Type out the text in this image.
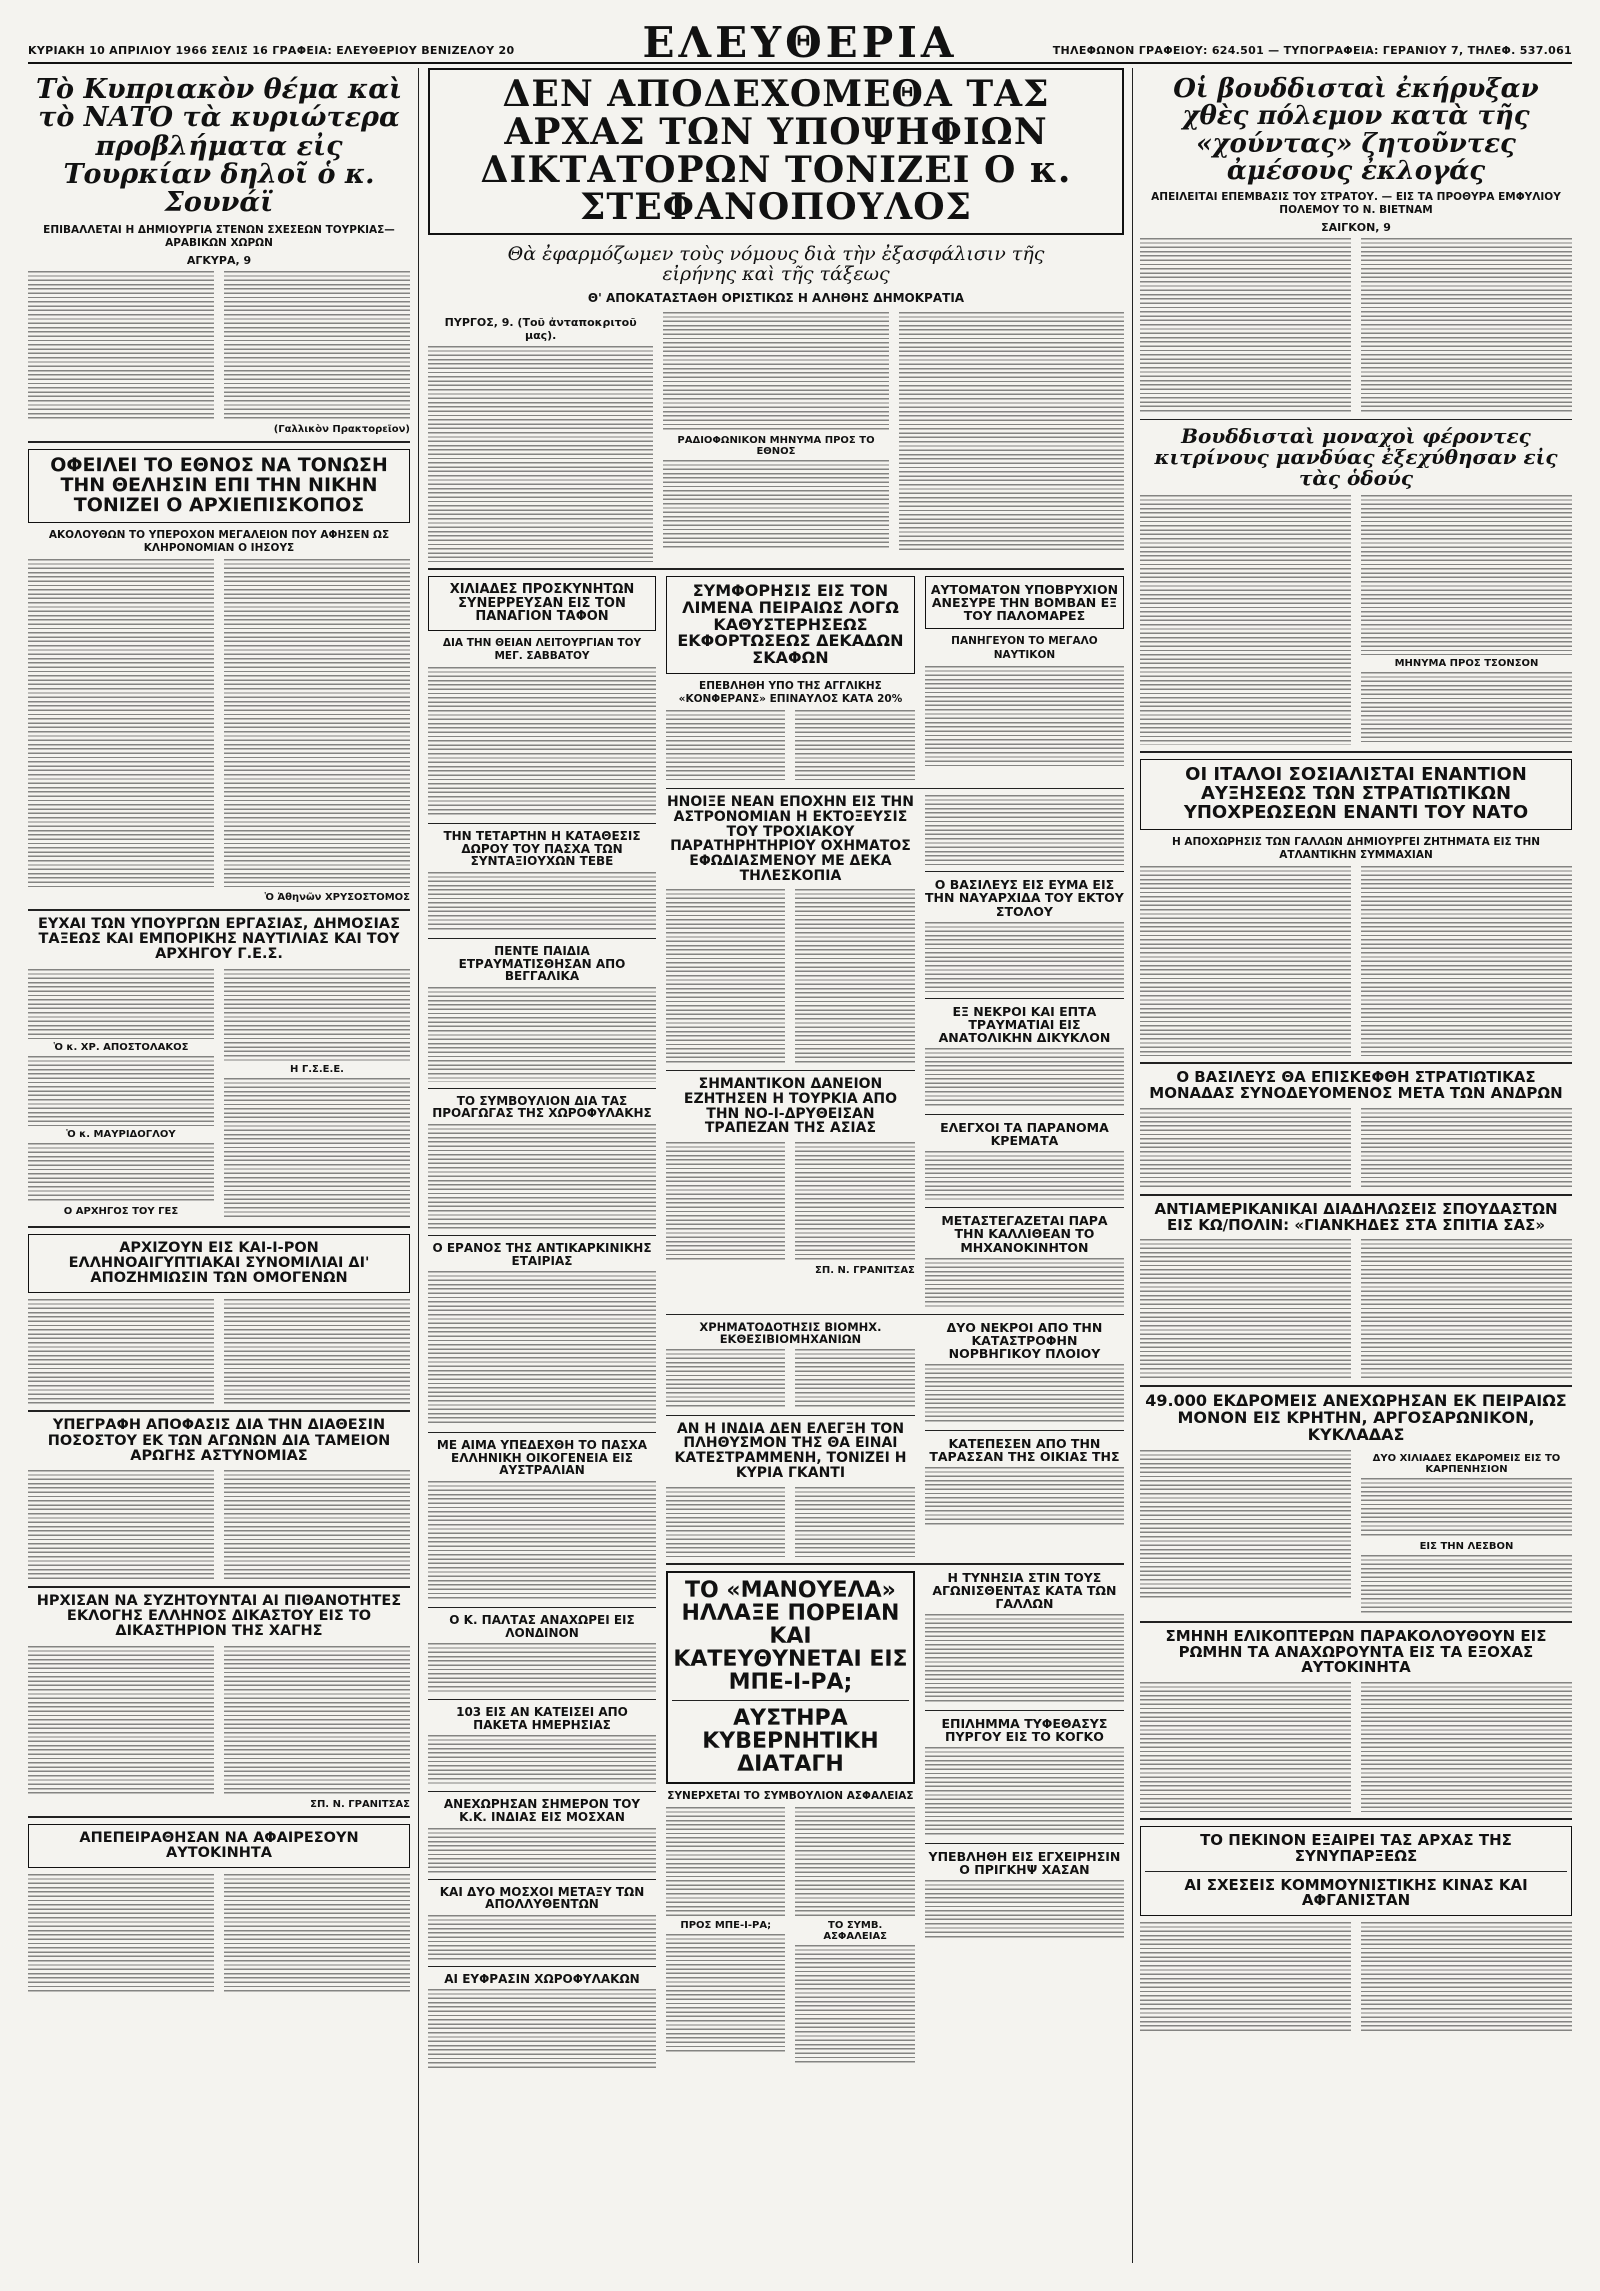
ΚΥΡΙΑΚΗ 10 ΑΠΡΙΛΙΟΥ 1966 ΣΕΛΙΣ 16 ΓΡΑΦΕΙΑ: ΕΛΕΥΘΕΡΙΟΥ ΒΕΝΙΖΕΛΟΥ 20	ΕΛΕΥΘΕΡΙΑ	ΤΗΛΕΦΩΝΟΝ ΓΡΑΦΕΙΟΥ: 624.501 — ΤΥΠΟΓΡΑΦΕΙΑ: ΓΕΡΑΝΙΟΥ 7, ΤΗΛΕΦ. 537.061
Τὸ Κυπριακὸν θέμα καὶ τὸ ΝΑΤΟ τὰ κυριώτερα προβλήματα εἰς Τουρκίαν δηλοῖ ὁ κ. Σουνάϊ
ΕΠΙΒΑΛΛΕΤΑΙ Η ΔΗΜΙΟΥΡΓΙΑ ΣΤΕΝΩΝ ΣΧΕΣΕΩΝ ΤΟΥΡΚΙΑΣ—ΑΡΑΒΙΚΩΝ ΧΩΡΩΝ
ΑΓΚΥΡΑ, 9
(Γαλλικὸν Πρακτορεῖον)
ΟΦΕΙΛΕΙ ΤΟ ΕΘΝΟΣ ΝΑ ΤΟΝΩΣΗ ΤΗΝ ΘΕΛΗΣΙΝ ΕΠΙ ΤΗΝ ΝΙΚΗΝ ΤΟΝΙΖΕΙ Ο ΑΡΧΙΕΠΙΣΚΟΠΟΣ
ΑΚΟΛΟΥΘΩΝ ΤΟ ΥΠΕΡΟΧΟΝ ΜΕΓΑΛΕΙΟΝ ΠΟΥ ΑΦΗΣΕΝ ΩΣ ΚΛΗΡΟΝΟΜΙΑΝ Ο ΙΗΣΟΥΣ
Ὁ Ἀθηνῶν ΧΡΥΣΟΣΤΟΜΟΣ
ΕΥΧΑΙ ΤΩΝ ΥΠΟΥΡΓΩΝ ΕΡΓΑΣΙΑΣ, ΔΗΜΟΣΙΑΣ ΤΑΞΕΩΣ ΚΑΙ ΕΜΠΟΡΙΚΗΣ ΝΑΥΤΙΛΙΑΣ ΚΑΙ ΤΟΥ ΑΡΧΗΓΟΥ Γ.Ε.Σ.
Ὁ κ. ΧΡ. ΑΠΟΣΤΟΛΑΚΟΣ
Ὁ κ. ΜΑΥΡΙΔΟΓΛΟΥ
Ο ΑΡΧΗΓΟΣ ΤΟΥ ΓΕΣ
Η Γ.Σ.Ε.Ε.
ΑΡΧΙΖΟΥΝ ΕΙΣ ΚΑΙ-Ι-ΡΟΝ ΕΛΛΗΝΟΑΙΓΥΠΤΙΑΚΑΙ ΣΥΝΟΜΙΛΙΑΙ ΔΙ' ΑΠΟΖΗΜΙΩΣΙΝ ΤΩΝ ΟΜΟΓΕΝΩΝ
ΥΠΕΓΡΑΦΗ ΑΠΟΦΑΣΙΣ ΔΙΑ ΤΗΝ ΔΙΑΘΕΣΙΝ ΠΟΣΟΣΤΟΥ ΕΚ ΤΩΝ ΑΓΩΝΩΝ ΔΙΑ ΤΑΜΕΙΟΝ ΑΡΩΓΗΣ ΑΣΤΥΝΟΜΙΑΣ
ΗΡΧΙΣΑΝ ΝΑ ΣΥΖΗΤΟΥΝΤΑΙ ΑΙ ΠΙΘΑΝΟΤΗΤΕΣ ΕΚΛΟΓΗΣ ΕΛΛΗΝΟΣ ΔΙΚΑΣΤΟΥ ΕΙΣ ΤΟ ΔΙΚΑΣΤΗΡΙΟΝ ΤΗΣ ΧΑΓΗΣ
ΣΠ. Ν. ΓΡΑΝΙΤΣΑΣ
ΑΠΕΠΕΙΡΑΘΗΣΑΝ ΝΑ ΑΦΑΙΡΕΣΟΥΝ ΑΥΤΟΚΙΝΗΤΑ
ΔΕΝ ΑΠΟΔΕΧΟΜΕΘΑ ΤΑΣ ΑΡΧΑΣ ΤΩΝ ΥΠΟΨΗΦΙΩΝ ΔΙΚΤΑΤΟΡΩΝ ΤΟΝΙΖΕΙ Ο κ. ΣΤΕΦΑΝΟΠΟΥΛΟΣ
Θὰ ἐφαρμόζωμεν τοὺς νόμους διὰ τὴν ἐξασφάλισιν τῆς εἰρήνης καὶ τῆς τάξεως
Θ' ΑΠΟΚΑΤΑΣΤΑΘΗ ΟΡΙΣΤΙΚΩΣ Η ΑΛΗΘΗΣ ΔΗΜΟΚΡΑΤΙΑ
ΠΥΡΓΟΣ, 9. (Τοῦ ἀνταποκριτοῦ μας).
ΡΑΔΙΟΦΩΝΙΚΟΝ ΜΗΝΥΜΑ ΠΡΟΣ ΤΟ ΕΘΝΟΣ
ΧΙΛΙΑΔΕΣ ΠΡΟΣΚΥΝΗΤΩΝ ΣΥΝΕΡΡΕΥΣΑΝ ΕΙΣ ΤΟΝ ΠΑΝΑΓΙΟΝ ΤΑΦΟΝ
ΔΙΑ ΤΗΝ ΘΕΙΑΝ ΛΕΙΤΟΥΡΓΙΑΝ ΤΟΥ ΜΕΓ. ΣΑΒΒΑΤΟΥ
ΤΗΝ ΤΕΤΑΡΤΗΝ Η ΚΑΤΑΘΕΣΙΣ ΔΩΡΟΥ ΤΟΥ ΠΑΣΧΑ ΤΩΝ ΣΥΝΤΑΞΙΟΥΧΩΝ ΤΕΒΕ
ΠΕΝΤΕ ΠΑΙΔΙΑ ΕΤΡΑΥΜΑΤΙΣΘΗΣΑΝ ΑΠΟ ΒΕΓΓΑΛΙΚΑ
ΤΟ ΣΥΜΒΟΥΛΙΟΝ ΔΙΑ ΤΑΣ ΠΡΟΑΓΩΓΑΣ ΤΗΣ ΧΩΡΟΦΥΛΑΚΗΣ
Ο ΕΡΑΝΟΣ ΤΗΣ ΑΝΤΙΚΑΡΚΙΝΙΚΗΣ ΕΤΑΙΡΙΑΣ
ΜΕ ΑΙΜΑ ΥΠΕΔΕΧΘΗ ΤΟ ΠΑΣΧΑ ΕΛΛΗΝΙΚΗ ΟΙΚΟΓΕΝΕΙΑ ΕΙΣ ΑΥΣΤΡΑΛΙΑΝ
Ο Κ. ΠΑΛΤΑΣ ΑΝΑΧΩΡΕΙ ΕΙΣ ΛΟΝΔΙΝΟΝ
103 ΕΙΣ ΑΝ ΚΑΤΕΙΣΕΙ ΑΠΟ ΠΑΚΕΤΑ ΗΜΕΡΗΣΙΑΣ
ΑΝΕΧΩΡΗΣΑΝ ΣΗΜΕΡΟΝ ΤΟΥ Κ.Κ. ΙΝΔΙΑΣ ΕΙΣ ΜΟΣΧΑΝ
ΚΑΙ ΔΥΟ ΜΟΣΧΟΙ ΜΕΤΑΞΥ ΤΩΝ ΑΠΟΛΛΥΘΕΝΤΩΝ
ΑΙ ΕΥΦΡΑΣΙΝ ΧΩΡΟΦΥΛΑΚΩΝ
ΣΥΜΦΟΡΗΣΙΣ ΕΙΣ ΤΟΝ ΛΙΜΕΝΑ ΠΕΙΡΑΙΩΣ ΛΟΓΩ ΚΑΘΥΣΤΕΡΗΣΕΩΣ ΕΚΦΟΡΤΩΣΕΩΣ ΔΕΚΑΔΩΝ ΣΚΑΦΩΝ
ΕΠΕΒΛΗΘΗ ΥΠΟ ΤΗΣ ΑΓΓΛΙΚΗΣ «ΚΟΝΦΕΡΑΝΣ» ΕΠΙΝΑΥΛΟΣ ΚΑΤΑ 20%
ΑΥΤΟΜΑΤΟΝ ΥΠΟΒΡΥΧΙΟΝ ΑΝΕΣΥΡΕ ΤΗΝ ΒΟΜΒΑΝ ΕΞ ΤΟΥ ΠΑΛΟΜΑΡΕΣ
ΠΑΝΗΓΕΥΟΝ ΤΟ ΜΕΓΑΛΟ ΝΑΥΤΙΚΟΝ
ΗΝΟΙΞΕ ΝΕΑΝ ΕΠΟΧΗΝ ΕΙΣ ΤΗΝ ΑΣΤΡΟΝΟΜΙΑΝ Η ΕΚΤΟΞΕΥΣΙΣ ΤΟΥ ΤΡΟΧΙΑΚΟΥ ΠΑΡΑΤΗΡΗΤΗΡΙΟΥ ΟΧΗΜΑΤΟΣ ΕΦΩΔΙΑΣΜΕΝΟΥ ΜΕ ΔΕΚΑ ΤΗΛΕΣΚΟΠΙΑ
ΣΗΜΑΝΤΙΚΟΝ ΔΑΝΕΙΟΝ ΕΖΗΤΗΣΕΝ Η ΤΟΥΡΚΙΑ ΑΠΟ ΤΗΝ ΝΟ-Ι-ΔΡΥΘΕΙΣΑΝ ΤΡΑΠΕΖΑΝ ΤΗΣ ΑΣΙΑΣ
ΣΠ. Ν. ΓΡΑΝΙΤΣΑΣ
Ο ΒΑΣΙΛΕΥΣ ΕΙΣ ΕΥΜΑ ΕΙΣ ΤΗΝ ΝΑΥΑΡΧΙΔΑ ΤΟΥ ΕΚΤΟΥ ΣΤΟΛΟΥ
ΕΞ ΝΕΚΡΟΙ ΚΑΙ ΕΠΤΑ ΤΡΑΥΜΑΤΙΑΙ ΕΙΣ ΑΝΑΤΟΛΙΚΗΝ ΔΙΚΥΚΛΟΝ
ΕΛΕΓΧΟΙ ΤΑ ΠΑΡΑΝΟΜΑ ΚΡΕΜΑΤΑ
ΜΕΤΑΣΤΕΓΑΖΕΤΑΙ ΠΑΡΑ ΤΗΝ ΚΑΛΛΙΘΕΑΝ ΤΟ ΜΗΧΑΝΟΚΙΝΗΤΟΝ
ΧΡΗΜΑΤΟΔΟΤΗΣΙΣ ΒΙΟΜΗΧ. ΕΚΘΕΣΙΒΙΟΜΗΧΑΝΙΩΝ
ΑΝ Η ΙΝΔΙΑ ΔΕΝ ΕΛΕΓΞΗ ΤΟΝ ΠΛΗΘΥΣΜΟΝ ΤΗΣ ΘΑ ΕΙΝΑΙ ΚΑΤΕΣΤΡΑΜΜΕΝΗ, ΤΟΝΙΖΕΙ Η ΚΥΡΙΑ ΓΚΑΝΤΙ
ΔΥΟ ΝΕΚΡΟΙ ΑΠΟ ΤΗΝ ΚΑΤΑΣΤΡΟΦΗΝ ΝΟΡΒΗΓΙΚΟΥ ΠΛΟΙΟΥ
ΚΑΤΕΠΕΣΕΝ ΑΠΟ ΤΗΝ ΤΑΡΑΣΣΑΝ ΤΗΣ ΟΙΚΙΑΣ ΤΗΣ
ΤΟ «ΜΑΝΟΥΕΛΑ» ΗΛΛΑΞΕ ΠΟΡΕΙΑΝ ΚΑΙ ΚΑΤΕΥΘΥΝΕΤΑΙ ΕΙΣ ΜΠΕ-Ι-ΡΑ;
ΑΥΣΤΗΡΑ ΚΥΒΕΡΝΗΤΙΚΗ ΔΙΑΤΑΓΗ
ΣΥΝΕΡΧΕΤΑΙ ΤΟ ΣΥΜΒΟΥΛΙΟΝ ΑΣΦΑΛΕΙΑΣ
ΠΡΟΣ ΜΠΕ-Ι-ΡΑ;	ΤΟ ΣΥΜΒ. ΑΣΦΑΛΕΙΑΣ
Η ΤΥΝΗΣΙΑ ΣΤΙΝ ΤΟΥΣ ΑΓΩΝΙΣΘΕΝΤΑΣ ΚΑΤΑ ΤΩΝ ΓΑΛΛΩΝ
ΕΠΙΛΗΜΜΑ ΤΥΦΕΘΑΣΥΣ ΠΥΡΓΟΥ ΕΙΣ ΤΟ ΚΟΓΚΟ
ΥΠΕΒΛΗΘΗ ΕΙΣ ΕΓΧΕΙΡΗΣΙΝ Ο ΠΡΙΓΚΗΨ ΧΑΣΑΝ
Οἱ βουδδισταὶ ἐκήρυξαν χθὲς πόλεμον κατὰ τῆς «χούντας» ζητοῦντες ἀμέσους ἐκλογάς
ΑΠΕΙΛΕΙΤΑΙ ΕΠΕΜΒΑΣΙΣ ΤΟΥ ΣΤΡΑΤΟΥ. — ΕΙΣ ΤΑ ΠΡΟΘΥΡΑ ΕΜΦΥΛΙΟΥ ΠΟΛΕΜΟΥ ΤΟ Ν. ΒΙΕΤΝΑΜ
ΣΑΙΓΚΟΝ, 9
Βουδδισταὶ μοναχοὶ φέροντες κιτρίνους μανδύας ἐξεχύθησαν εἰς τὰς ὁδούς
ΜΗΝΥΜΑ ΠΡΟΣ ΤΣΟΝΣΟΝ
ΟΙ ΙΤΑΛΟΙ ΣΟΣΙΑΛΙΣΤΑΙ ΕΝΑΝΤΙΟΝ ΑΥΞΗΣΕΩΣ ΤΩΝ ΣΤΡΑΤΙΩΤΙΚΩΝ ΥΠΟΧΡΕΩΣΕΩΝ ΕΝΑΝΤΙ ΤΟΥ ΝΑΤΟ
Η ΑΠΟΧΩΡΗΣΙΣ ΤΩΝ ΓΑΛΛΩΝ ΔΗΜΙΟΥΡΓΕΙ ΖΗΤΗΜΑΤΑ ΕΙΣ ΤΗΝ ΑΤΛΑΝΤΙΚΗΝ ΣΥΜΜΑΧΙΑΝ
Ο ΒΑΣΙΛΕΥΣ ΘΑ ΕΠΙΣΚΕΦΘΗ ΣΤΡΑΤΙΩΤΙΚΑΣ ΜΟΝΑΔΑΣ ΣΥΝΟΔΕΥΟΜΕΝΟΣ ΜΕΤΑ ΤΩΝ ΑΝΔΡΩΝ
ΑΝΤΙΑΜΕΡΙΚΑΝΙΚΑΙ ΔΙΑΔΗΛΩΣΕΙΣ ΣΠΟΥΔΑΣΤΩΝ ΕΙΣ ΚΩ/ΠΟΛΙΝ: «ΓΙΑΝΚΗΔΕΣ ΣΤΑ ΣΠΙΤΙΑ ΣΑΣ»
49.000 ΕΚΔΡΟΜΕΙΣ ΑΝΕΧΩΡΗΣΑΝ ΕΚ ΠΕΙΡΑΙΩΣ ΜΟΝΟΝ ΕΙΣ ΚΡΗΤΗΝ, ΑΡΓΟΣΑΡΩΝΙΚΟΝ, ΚΥΚΛΑΔΑΣ
ΔΥΟ ΧΙΛΙΑΔΕΣ ΕΚΔΡΟΜΕΙΣ ΕΙΣ ΤΟ ΚΑΡΠΕΝΗΣΙΟΝ
ΕΙΣ ΤΗΝ ΛΕΣΒΟΝ
ΣΜΗΝΗ ΕΛΙΚΟΠΤΕΡΩΝ ΠΑΡΑΚΟΛΟΥΘΟΥΝ ΕΙΣ ΡΩΜΗΝ ΤΑ ΑΝΑΧΩΡΟΥΝΤΑ ΕΙΣ ΤΑ ΕΞΟΧΑΣ ΑΥΤΟΚΙΝΗΤΑ
ΤΟ ΠΕΚΙΝΟΝ ΕΞΑΙΡΕΙ ΤΑΣ ΑΡΧΑΣ ΤΗΣ ΣΥΝΥΠΑΡΞΕΩΣ
ΑΙ ΣΧΕΣΕΙΣ ΚΟΜΜΟΥΝΙΣΤΙΚΗΣ ΚΙΝΑΣ ΚΑΙ ΑΦΓΑΝΙΣΤΑΝ
